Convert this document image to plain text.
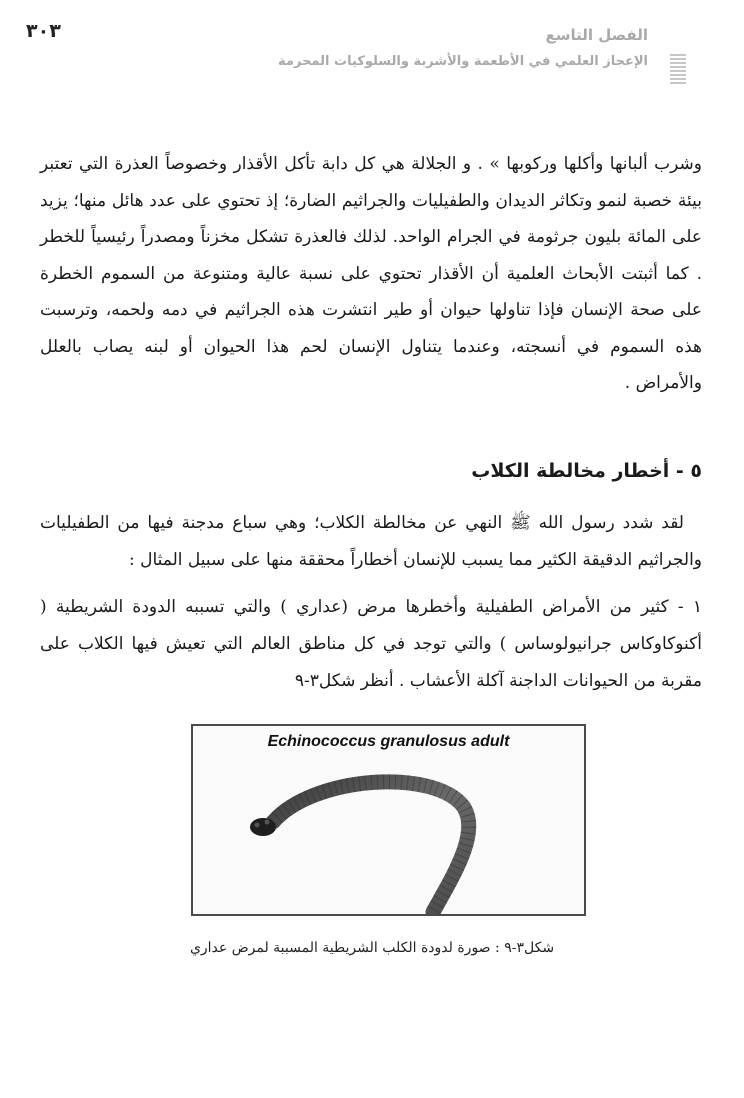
٣٠٣	الفصل التاسع
الإعجاز العلمي في الأطعمة والأشربة والسلوكيات المحرمة

وشرب ألبانها وأكلها وركوبها » . و الجلالة هي كل دابة تأكل الأقذار وخصوصاً العذرة التي تعتبر بيئة خصبة لنمو وتكاثر الديدان والطفيليات والجراثيم الضارة؛ إذ تحتوي على عدد هائل منها؛ يزيد على المائة بليون جرثومة في الجرام الواحد. لذلك فالعذرة تشكل مخزناً ومصدراً رئيسياً للخطر . كما أثبتت الأبحاث العلمية أن الأقذار تحتوي على نسبة عالية ومتنوعة من السموم الخطرة على صحة الإنسان فإذا تناولها حيوان أو طير انتشرت هذه الجراثيم في دمه ولحمه، وترسبت هذه السموم في أنسجته، وعندما يتناول الإنسان لحم هذا الحيوان أو لبنه يصاب بالعلل والأمراض .

٥ - أخطار مخالطة الكلاب

لقد شدد رسول الله ﷺ النهي عن مخالطة الكلاب؛ وهي سباع مدجنة فيها من الطفيليات والجراثيم الدقيقة الكثير مما يسبب للإنسان أخطاراً محققة منها على سبيل المثال :

١ - كثير من الأمراض الطفيلية وأخطرها مرض (عداري ) والتي تسببه الدودة الشريطية ( أكنوكاوكاس جرانيولوساس ) والتي توجد في كل مناطق العالم التي تعيش فيها الكلاب على مقربة من الحيوانات الداجنة آكلة الأعشاب . أنظر شكل٣-٩

Echinococcus granulosus adult

شكل٣-٩ : صورة لدودة الكلب الشريطية المسببة لمرض عداري
